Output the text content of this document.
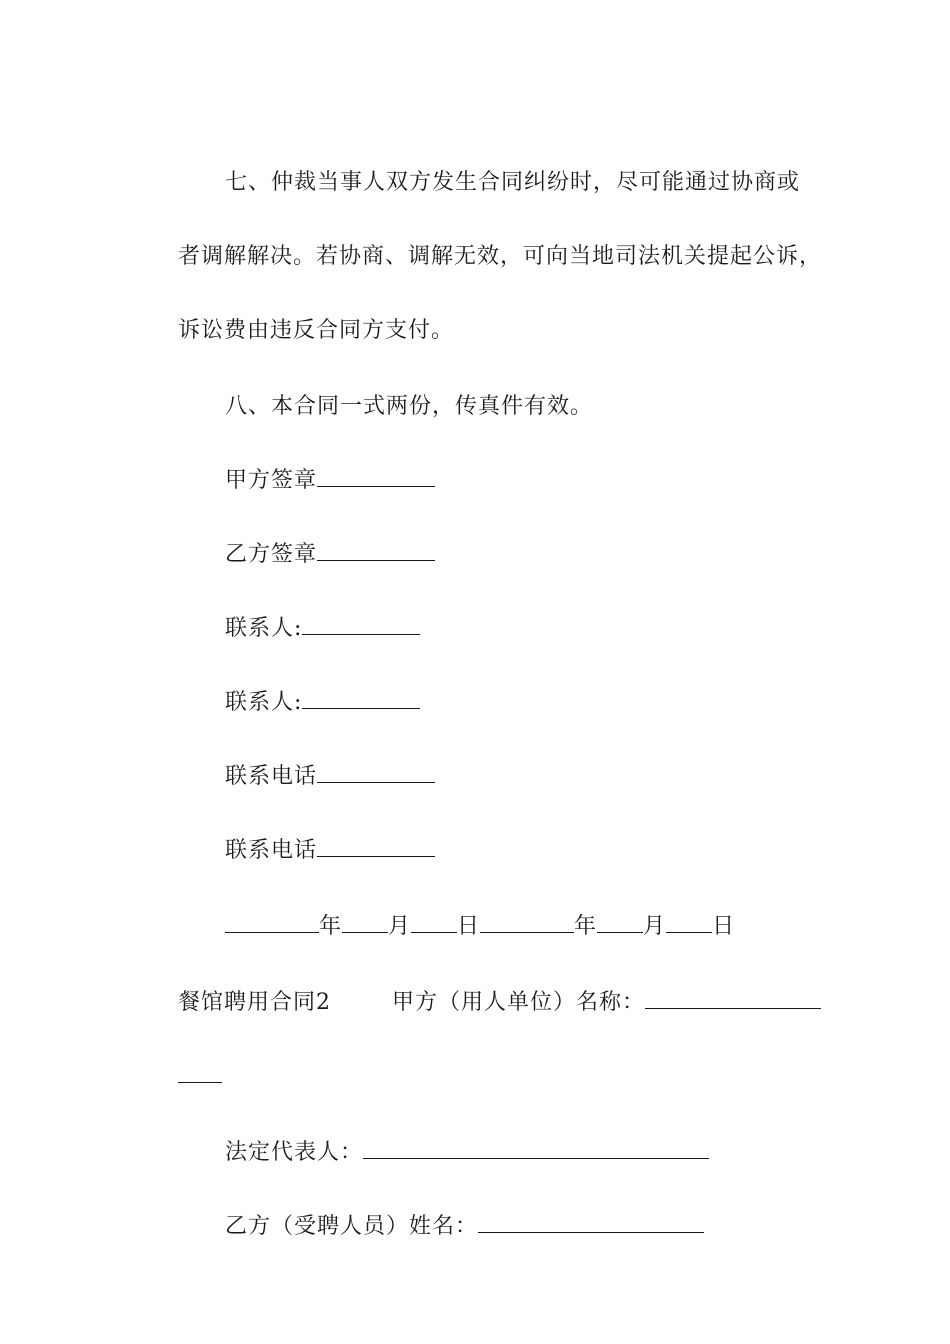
七、仲裁当事人双方发生合同纠纷时，尽可能通过协商或

者调解解决。若协商、调解无效，可向当地司法机关提起公诉，

诉讼费由违反合同方支付。

八、本合同一式两份，传真件有效。

甲方签章

乙方签章

联系人:

联系人:

联系电话

联系电话

年 月 日	年 月 日

餐馆聘用合同2
	甲方（用人单位）名称：

法定代表人：

乙方（受聘人员）姓名：
